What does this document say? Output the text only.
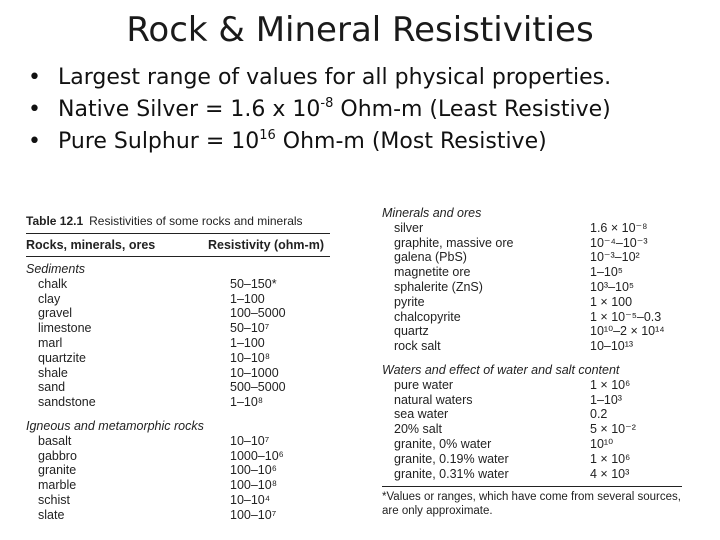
Rock & Mineral Resistivities
• Largest range of values for all physical properties.
• Native Silver = 1.6 x $10^{-8}$ Ohm-m (Least Resistive)
• Pure Sulphur = $10^{16}$ Ohm-m (Most Resistive)
Table 12.1 Resistivities of some rocks and minerals
Rocks, minerals, ores	Resistivity (ohm-m)
Sediments
chalk	50–150*
clay	1–100
gravel	100–5000
limestone	50–10⁷
marl	1–100
quartzite	10–10⁸
shale	10–1000
sand	500–5000
sandstone	1–10⁸
Igneous and metamorphic rocks
basalt	10–10⁷
gabbro	1000–10⁶
granite	100–10⁶
marble	100–10⁸
schist	10–10⁴
slate	100–10⁷
Minerals and ores
silver	1.6 × 10⁻⁸
graphite, massive ore	10⁻⁴–10⁻³
galena (PbS)	10⁻³–10²
magnetite ore	1–10⁵
sphalerite (ZnS)	10³–10⁵
pyrite	1 × 100
chalcopyrite	1 × 10⁻⁵–0.3
quartz	10¹⁰–2 × 10¹⁴
rock salt	10–10¹³
Waters and effect of water and salt content
pure water	1 × 10⁶
natural waters	1–10³
sea water	0.2
20% salt	5 × 10⁻²
granite, 0% water	10¹⁰
granite, 0.19% water	1 × 10⁶
granite, 0.31% water	4 × 10³
*Values or ranges, which have come from several sources, are only approximate.
